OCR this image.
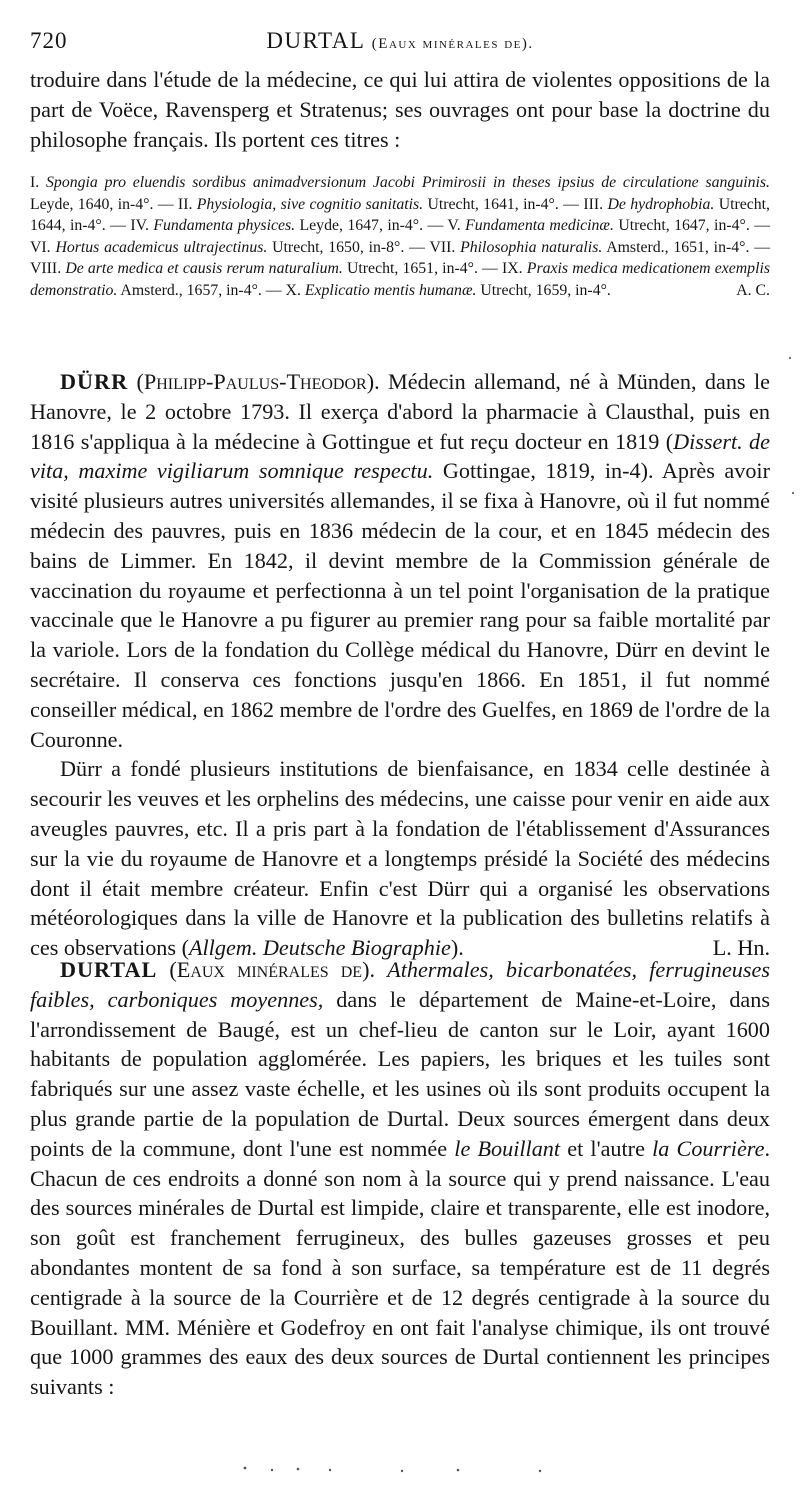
720	DURTAL (Eaux minérales de).

troduire dans l'étude de la médecine, ce qui lui attira de violentes oppositions de la part de Voëce, Ravensperg et Stratenus; ses ouvrages ont pour base la doctrine du philosophe français. Ils portent ces titres :

I. Spongia pro eluendis sordibus animadversionum Jacobi Primirosii in theses ipsius de circulatione sanguinis. Leyde, 1640, in-4°. — II. Physiologia, sive cognitio sanitatis. Utrecht, 1641, in-4°. — III. De hydrophobia. Utrecht, 1644, in-4°. — IV. Fundamenta physices. Leyde, 1647, in-4°. — V. Fundamenta medicinæ. Utrecht, 1647, in-4°. — VI. Hortus academicus ultrajectinus. Utrecht, 1650, in-8°. — VII. Philosophia naturalis. Amsterd., 1651, in-4°. — VIII. De arte medica et causis rerum naturalium. Utrecht, 1651, in-4°. — IX. Praxis medica medicationem exemplis demonstratio. Amsterd., 1657, in-4°. — X. Explicatio mentis humanæ. Utrecht, 1659, in-4°.	A. C.

DÜRR (Philipp-Paulus-Theodor). Médecin allemand, né à Münden, dans le Hanovre, le 2 octobre 1793. Il exerça d'abord la pharmacie à Clausthal, puis en 1816 s'appliqua à la médecine à Gottingue et fut reçu docteur en 1819 (Dissert. de vita, maxime vigiliarum somnique respectu. Gottingae, 1819, in-4). Après avoir visité plusieurs autres universités allemandes, il se fixa à Hanovre, où il fut nommé médecin des pauvres, puis en 1836 médecin de la cour, et en 1845 médecin des bains de Limmer. En 1842, il devint membre de la Commission générale de vaccination du royaume et perfectionna à un tel point l'organisation de la pratique vaccinale que le Hanovre a pu figurer au premier rang pour sa faible mortalité par la variole. Lors de la fondation du Collège médical du Hanovre, Dürr en devint le secrétaire. Il conserva ces fonctions jusqu'en 1866. En 1851, il fut nommé conseiller médical, en 1862 membre de l'ordre des Guelfes, en 1869 de l'ordre de la Couronne.

Dürr a fondé plusieurs institutions de bienfaisance, en 1834 celle destinée à secourir les veuves et les orphelins des médecins, une caisse pour venir en aide aux aveugles pauvres, etc. Il a pris part à la fondation de l'établissement d'Assurances sur la vie du royaume de Hanovre et a longtemps présidé la Société des médecins dont il était membre créateur. Enfin c'est Dürr qui a organisé les observations météorologiques dans la ville de Hanovre et la publication des bulletins relatifs à ces observations (Allgem. Deutsche Biographie).	L. Hn.

DURTAL (Eaux minérales de). Athermales, bicarbonatées, ferrugineuses faibles, carboniques moyennes, dans le département de Maine-et-Loire, dans l'arrondissement de Baugé, est un chef-lieu de canton sur le Loir, ayant 1600 habitants de population agglomérée. Les papiers, les briques et les tuiles sont fabriqués sur une assez vaste échelle, et les usines où ils sont produits occupent la plus grande partie de la population de Durtal. Deux sources émergent dans deux points de la commune, dont l'une est nommée le Bouillant et l'autre la Courrière. Chacun de ces endroits a donné son nom à la source qui y prend naissance. L'eau des sources minérales de Durtal est limpide, claire et transparente, elle est inodore, son goût est franchement ferrugineux, des bulles gazeuses grosses et peu abondantes montent de sa fond à son surface, sa température est de 11 degrés centigrade à la source de la Courrière et de 12 degrés centigrade à la source du Bouillant. MM. Ménière et Godefroy en ont fait l'analyse chimique, ils ont trouvé que 1000 grammes des eaux des deux sources de Durtal contiennent les principes suivants :
